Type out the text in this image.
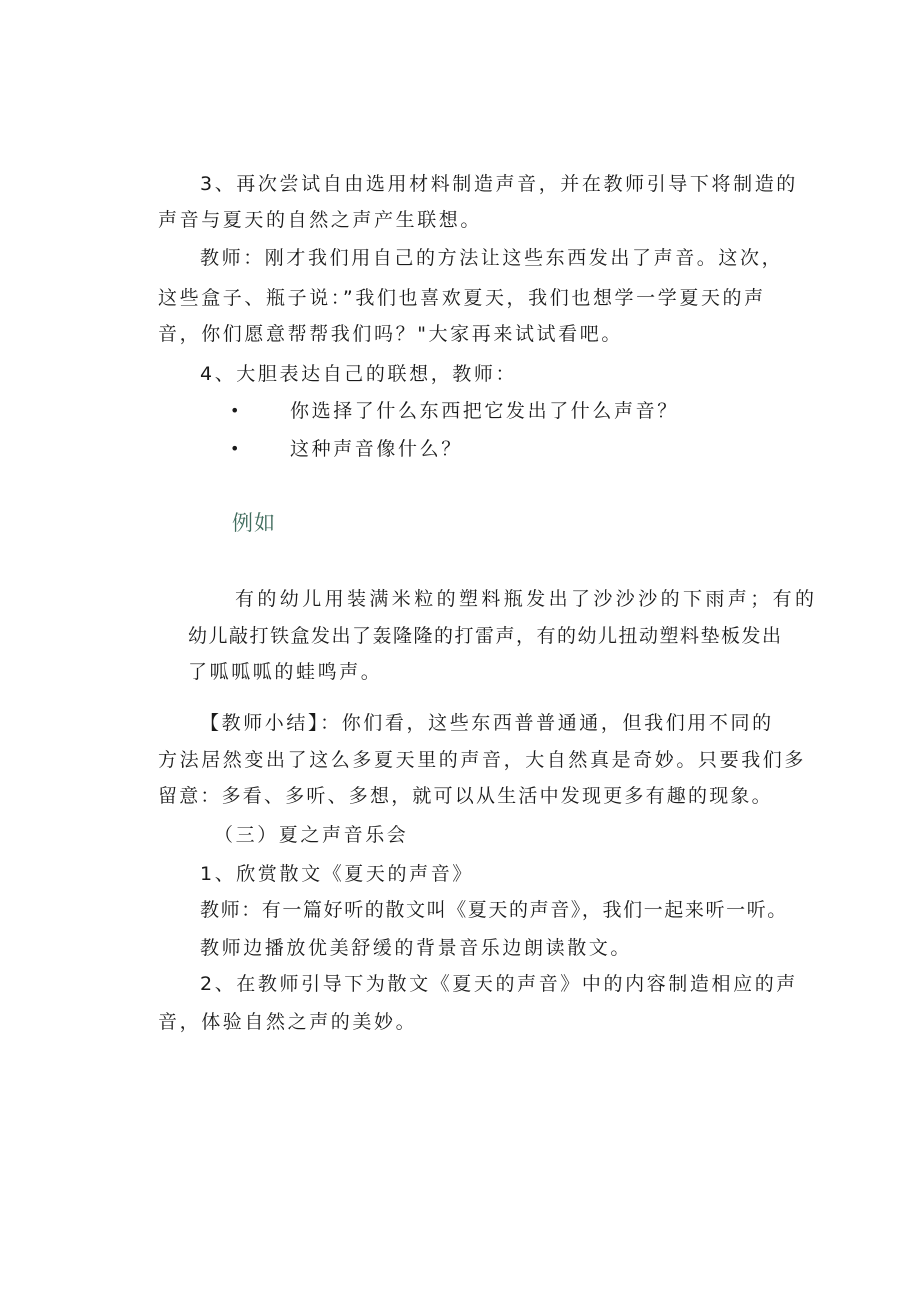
3、再次尝试自由选用材料制造声音，并在教师引导下将制造的
声音与夏天的自然之声产生联想。
教师：刚才我们用自己的方法让这些东西发出了声音。这次，
这些盒子、瓶子说：”我们也喜欢夏天，我们也想学一学夏天的声
音，你们愿意帮帮我们吗？"大家再来试试看吧。
4、大胆表达自己的联想，教师：
•	你选择了什么东西把它发出了什么声音？
•	这种声音像什么？
例如
有的幼儿用装满米粒的塑料瓶发出了沙沙沙的下雨声；有的
幼儿敲打铁盒发出了轰隆隆的打雷声，有的幼儿扭动塑料垫板发出
了呱呱呱的蛙鸣声。
【教师小结】：你们看，这些东西普普通通，但我们用不同的
方法居然变出了这么多夏天里的声音，大自然真是奇妙。只要我们多
留意：多看、多听、多想，就可以从生活中发现更多有趣的现象。
（三）夏之声音乐会
1、欣赏散文《夏天的声音》
教师：有一篇好听的散文叫《夏天的声音》，我们一起来听一听。
教师边播放优美舒缓的背景音乐边朗读散文。
2、在教师引导下为散文《夏天的声音》中的内容制造相应的声
音，体验自然之声的美妙。
